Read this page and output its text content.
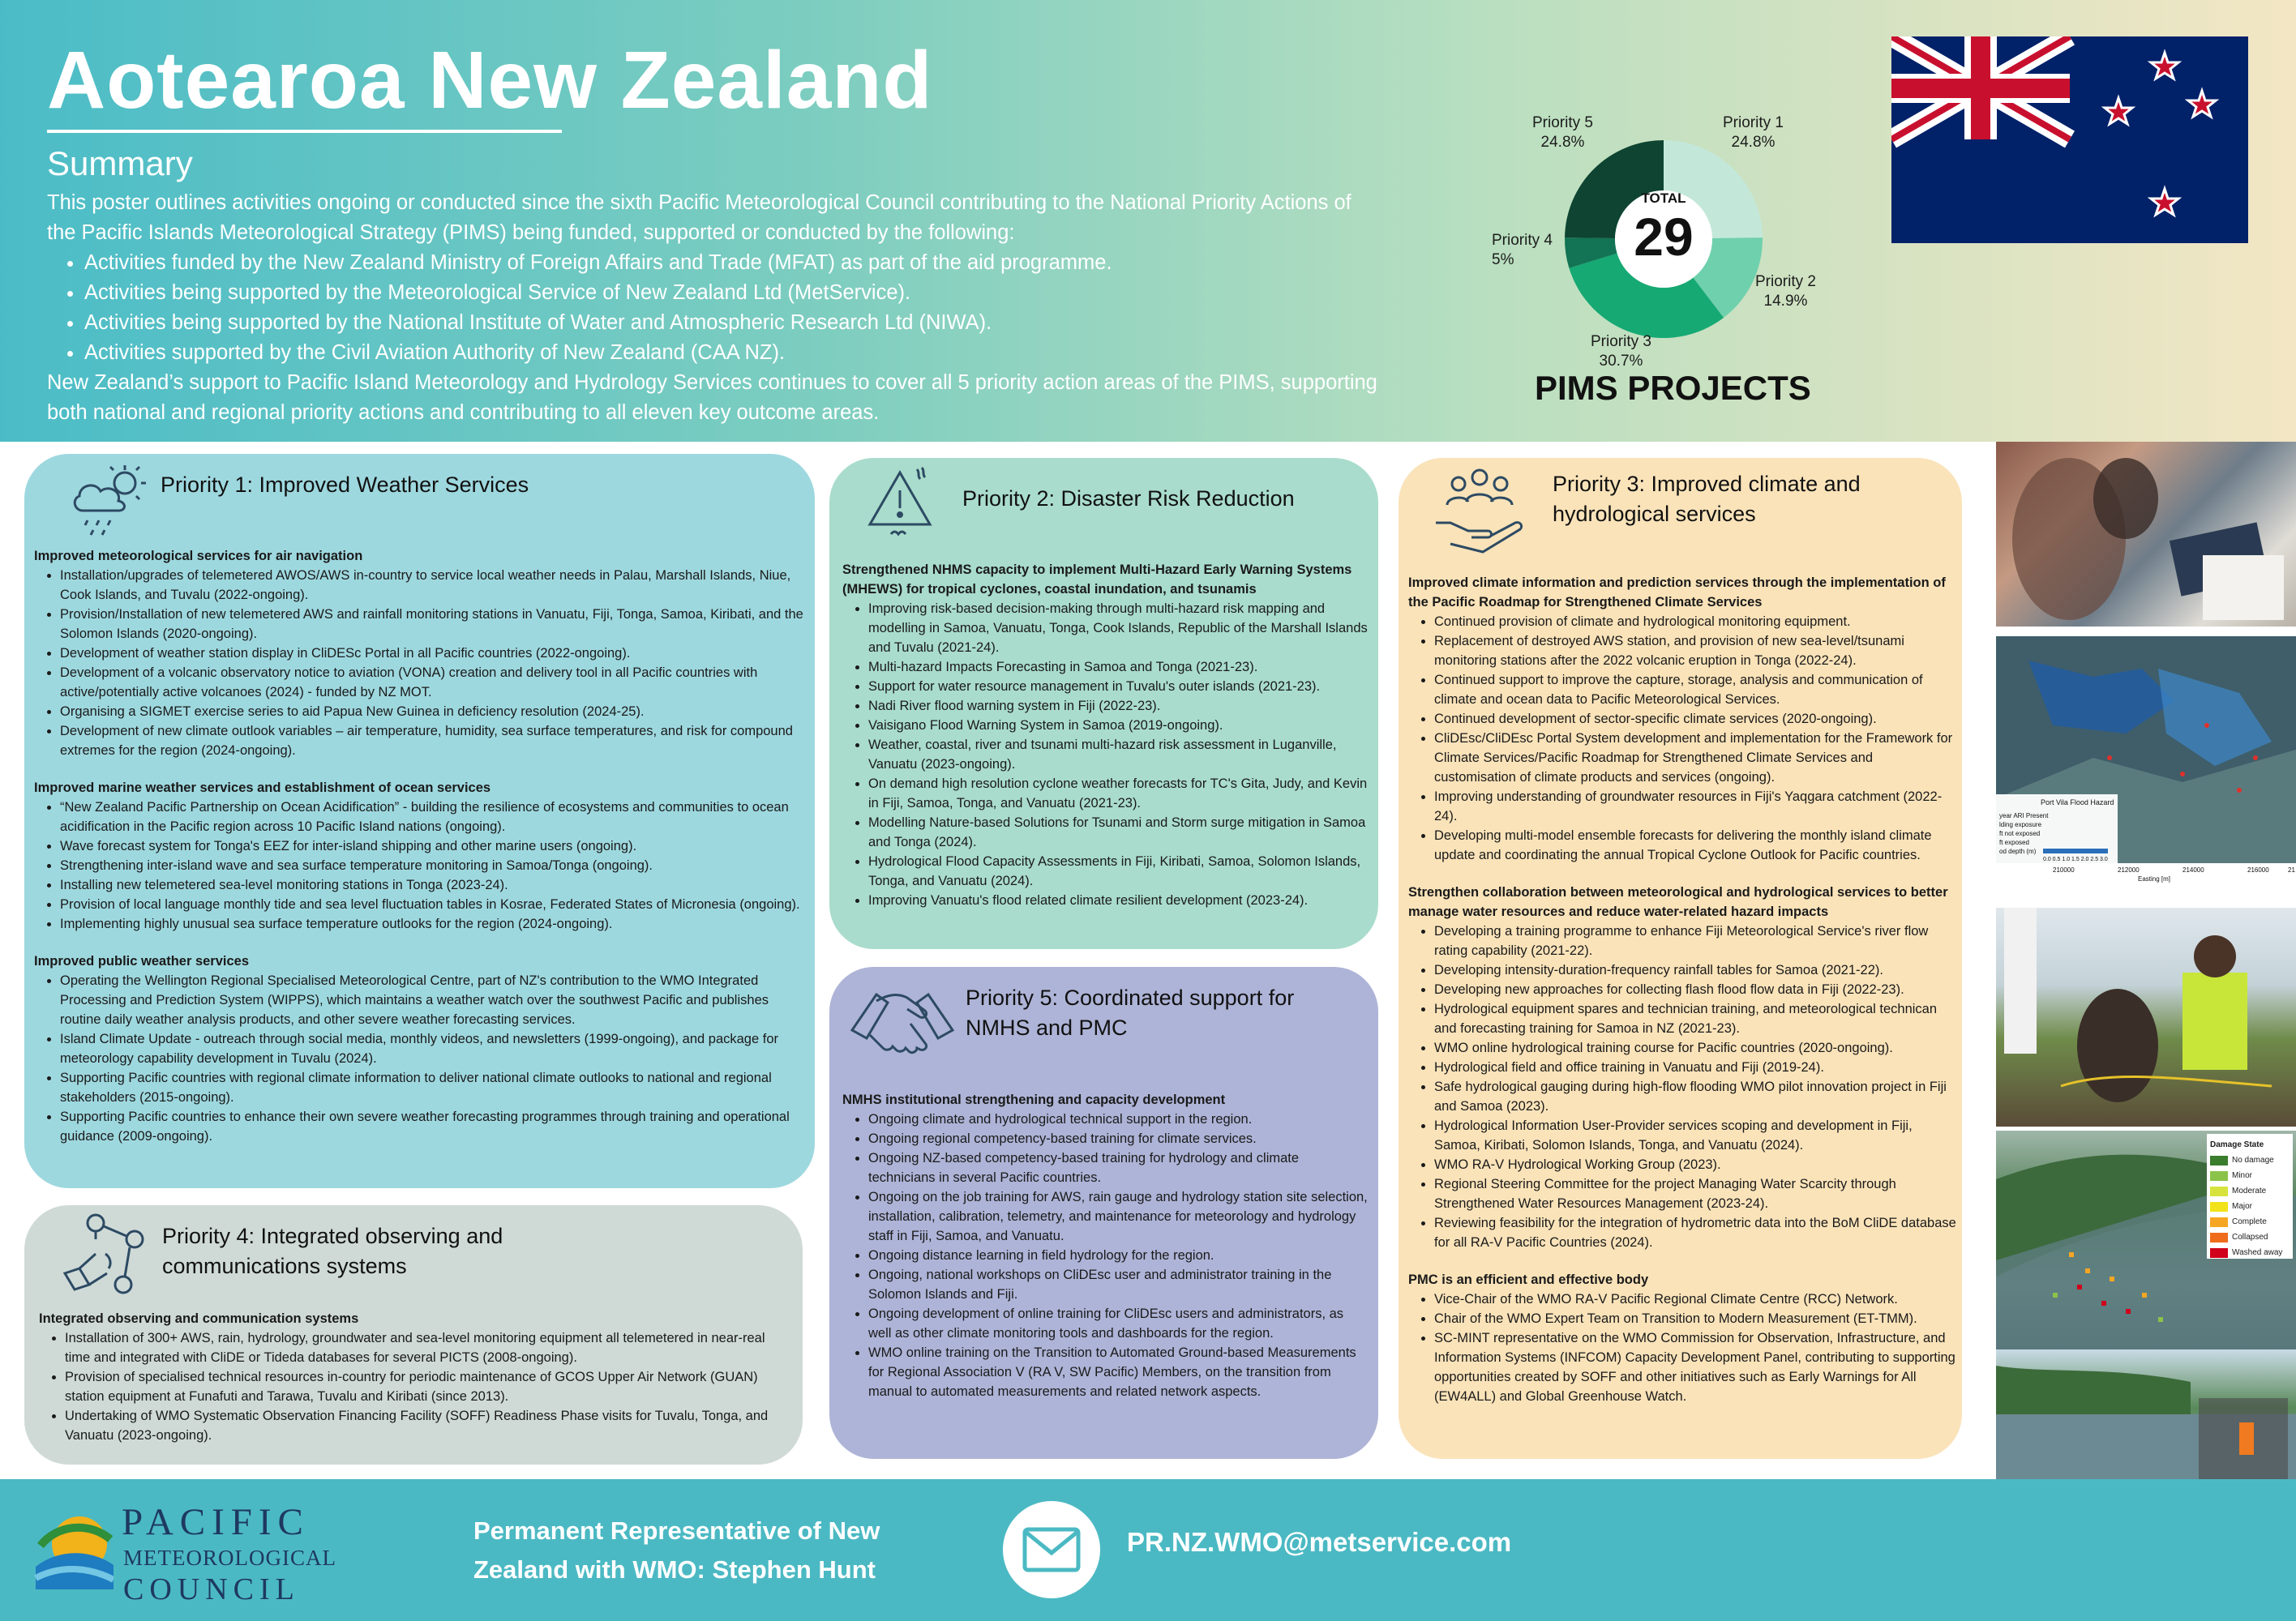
Aotearoa New Zealand
Summary
This poster outlines activities ongoing or conducted since the sixth Pacific Meteorological Council contributing to the National Priority Actions of the Pacific Islands Meteorological Strategy (PIMS) being funded, supported or conducted by the following:
• Activities funded by the New Zealand Ministry of Foreign Affairs and Trade (MFAT) as part of the aid programme.
• Activities being supported by the Meteorological Service of New Zealand Ltd (MetService).
• Activities being supported by the National Institute of Water and Atmospheric Research Ltd (NIWA).
• Activities supported by the Civil Aviation Authority of New Zealand (CAA NZ).
New Zealand’s support to Pacific Island Meteorology and Hydrology Services continues to cover all 5 priority action areas of the PIMS, supporting both national and regional priority actions and contributing to all eleven key outcome areas.
TOTAL
29
Priority 1
24.8%
Priority 2
14.9%
Priority 3
30.7%
Priority 4
5%
Priority 5
24.8%
PIMS PROJECTS
Priority 1: Improved Weather Services
Improved meteorological services for air navigation
• Installation/upgrades of telemetered AWOS/AWS in-country to service local weather needs in Palau, Marshall Islands, Niue, Cook Islands, and Tuvalu (2022-ongoing).
• Provision/Installation of new telemetered AWS and rainfall monitoring stations in Vanuatu, Fiji, Tonga, Samoa, Kiribati, and the Solomon Islands (2020-ongoing).
• Development of weather station display in CliDESc Portal in all Pacific countries (2022-ongoing).
• Development of a volcanic observatory notice to aviation (VONA) creation and delivery tool in all Pacific countries with active/potentially active volcanoes (2024) - funded by NZ MOT.
• Organising a SIGMET exercise series to aid Papua New Guinea in deficiency resolution (2024-25).
• Development of new climate outlook variables – air temperature, humidity, sea surface temperatures, and risk for compound extremes for the region (2024-ongoing).
Improved marine weather services and establishment of ocean services
• “New Zealand Pacific Partnership on Ocean Acidification” - building the resilience of ecosystems and communities to ocean acidification in the Pacific region across 10 Pacific Island nations (ongoing).
• Wave forecast system for Tonga's EEZ for inter-island shipping and other marine users (ongoing).
• Strengthening inter-island wave and sea surface temperature monitoring in Samoa/Tonga (ongoing).
• Installing new telemetered sea-level monitoring stations in Tonga (2023-24).
• Provision of local language monthly tide and sea level fluctuation tables in Kosrae, Federated States of Micronesia (ongoing).
• Implementing highly unusual sea surface temperature outlooks for the region (2024-ongoing).
Improved public weather services
• Operating the Wellington Regional Specialised Meteorological Centre, part of NZ's contribution to the WMO Integrated Processing and Prediction System (WIPPS), which maintains a weather watch over the southwest Pacific and publishes routine daily weather analysis products, and other severe weather forecasting services.
• Island Climate Update - outreach through social media, monthly videos, and newsletters (1999-ongoing), and package for meteorology capability development in Tuvalu (2024).
• Supporting Pacific countries with regional climate information to deliver national climate outlooks to national and regional stakeholders (2015-ongoing).
• Supporting Pacific countries to enhance their own severe weather forecasting programmes through training and operational guidance (2009-ongoing).
Priority 2: Disaster Risk Reduction
Strengthened NHMS capacity to implement Multi-Hazard Early Warning Systems (MHEWS) for tropical cyclones, coastal inundation, and tsunamis
• Improving risk-based decision-making through multi-hazard risk mapping and modelling in Samoa, Vanuatu, Tonga, Cook Islands, Republic of the Marshall Islands and Tuvalu (2021-24).
• Multi-hazard Impacts Forecasting in Samoa and Tonga (2021-23).
• Support for water resource management in Tuvalu's outer islands (2021-23).
• Nadi River flood warning system in Fiji (2022-23).
• Vaisigano Flood Warning System in Samoa (2019-ongoing).
• Weather, coastal, river and tsunami multi-hazard risk assessment in Luganville, Vanuatu (2023-ongoing).
• On demand high resolution cyclone weather forecasts for TC's Gita, Judy, and Kevin in Fiji, Samoa, Tonga, and Vanuatu (2021-23).
• Modelling Nature-based Solutions for Tsunami and Storm surge mitigation in Samoa and Tonga (2024).
• Hydrological Flood Capacity Assessments in Fiji, Kiribati, Samoa, Solomon Islands, Tonga, and Vanuatu (2024).
• Improving Vanuatu's flood related climate resilient development (2023-24).
Priority 3: Improved climate and hydrological services
Improved climate information and prediction services through the implementation of the Pacific Roadmap for Strengthened Climate Services
• Continued provision of climate and hydrological monitoring equipment.
• Replacement of destroyed AWS station, and provision of new sea-level/tsunami monitoring stations after the 2022 volcanic eruption in Tonga (2022-24).
• Continued support to improve the capture, storage, analysis and communication of climate and ocean data to Pacific Meteorological Services.
• Continued development of sector-specific climate services (2020-ongoing).
• CliDEsc/CliDEsc Portal System development and implementation for the Framework for Climate Services/Pacific Roadmap for Strengthened Climate Services and customisation of climate products and services (ongoing).
• Improving understanding of groundwater resources in Fiji's Yaqgara catchment (2022-24).
• Developing multi-model ensemble forecasts for delivering the monthly island climate update and coordinating the annual Tropical Cyclone Outlook for Pacific countries.
Strengthen collaboration between meteorological and hydrological services to better manage water resources and reduce water-related hazard impacts
• Developing a training programme to enhance Fiji Meteorological Service's river flow rating capability (2021-22).
• Developing intensity-duration-frequency rainfall tables for Samoa (2021-22).
• Developing new approaches for collecting flash flood flow data in Fiji (2022-23).
• Hydrological equipment spares and technician training, and meteorological technican and forecasting training for Samoa in NZ (2021-23).
• WMO online hydrological training course for Pacific countries (2020-ongoing).
• Hydrological field and office training in Vanuatu and Fiji (2019-24).
• Safe hydrological gauging during high-flow flooding WMO pilot innovation project in Fiji and Samoa (2023).
• Hydrological Information User-Provider services scoping and development in Fiji, Samoa, Kiribati, Solomon Islands, Tonga, and Vanuatu (2024).
• WMO RA-V Hydrological Working Group (2023).
• Regional Steering Committee for the project Managing Water Scarcity through Strengthened Water Resources Management (2023-24).
• Reviewing feasibility for the integration of hydrometric data into the BoM CliDE database for all RA-V Pacific Countries (2024).
PMC is an efficient and effective body
• Vice-Chair of the WMO RA-V Pacific Regional Climate Centre (RCC) Network.
• Chair of the WMO Expert Team on Transition to Modern Measurement (ET-TMM).
• SC-MINT representative on the WMO Commission for Observation, Infrastructure, and Information Systems (INFCOM) Capacity Development Panel, contributing to supporting opportunities created by SOFF and other initiatives such as Early Warnings for All (EW4ALL) and Global Greenhouse Watch.
Priority 4: Integrated observing and communications systems
Integrated observing and communication systems
• Installation of 300+ AWS, rain, hydrology, groundwater and sea-level monitoring equipment all telemetered in near-real time and integrated with CliDE or Tideda databases for several PICTS (2008-ongoing).
• Provision of specialised technical resources in-country for periodic maintenance of GCOS Upper Air Network (GUAN) station equipment at Funafuti and Tarawa, Tuvalu and Kiribati (since 2013).
• Undertaking of WMO Systematic Observation Financing Facility (SOFF) Readiness Phase visits for Tuvalu, Tonga, and Vanuatu (2023-ongoing).
Priority 5: Coordinated support for NMHS and PMC
NMHS institutional strengthening and capacity development
• Ongoing climate and hydrological technical support in the region.
• Ongoing regional competency-based training for climate services.
• Ongoing NZ-based competency-based training for hydrology and climate technicians in several Pacific countries.
• Ongoing on the job training for AWS, rain gauge and hydrology station site selection, installation, calibration, telemetry, and maintenance for meteorology and hydrology staff in Fiji, Samoa, and Vanuatu.
• Ongoing distance learning in field hydrology for the region.
• Ongoing, national workshops on CliDEsc user and administrator training in the Solomon Islands and Fiji.
• Ongoing development of online training for CliDEsc users and administrators, as well as other climate monitoring tools and dashboards for the region.
• WMO online training on the Transition to Automated Ground-based Measurements for Regional Association V (RA V, SW Pacific) Members, on the transition from manual to automated measurements and related network aspects.
Port Vila Flood Hazard
year ARI Present
lding exposure
ft not exposed
ft exposed
od depth (m)
0.0 0.5 1.0 1.5 2.0 2.5 3.0
210000	212000	214000	216000	21
Easting [m]
Damage State
No damage
Minor
Moderate
Major
Complete
Collapsed
Washed away
PACIFIC
METEOROLOGICAL
COUNCIL
Permanent Representative of New
Zealand with WMO: Stephen Hunt
PR.NZ.WMO@metservice.com
